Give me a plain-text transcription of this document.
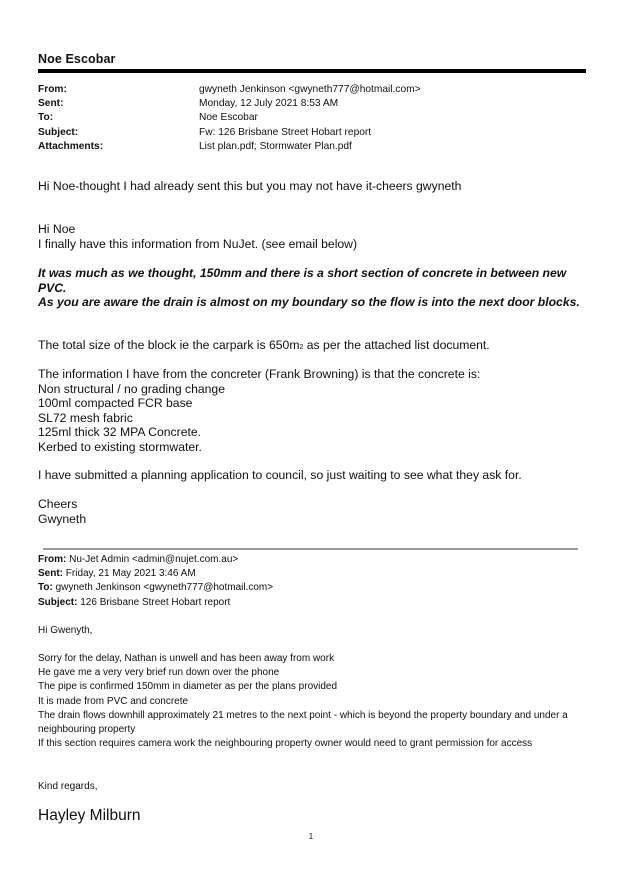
Noe Escobar
From:	gwyneth Jenkinson <gwyneth777@hotmail.com>
Sent:	Monday, 12 July 2021 8:53 AM
To:	Noe Escobar
Subject:	Fw: 126 Brisbane Street Hobart report
Attachments:	List plan.pdf; Stormwater Plan.pdf
Hi Noe-thought I had already sent this but you may not have it-cheers gwyneth
Hi Noe
I finally have this information from NuJet. (see email below)
It was much as we thought, 150mm and there is a short section of concrete in between new PVC.
As you are aware the drain is almost on my boundary so the flow is into the next door blocks.
The total size of the block ie the carpark is 650m2 as per the attached list document.
The information I have from the concreter (Frank Browning) is that the concrete is:
Non structural / no grading change
100ml compacted FCR base
SL72 mesh fabric
125ml thick 32 MPA Concrete.
Kerbed to existing stormwater.
I have submitted a planning application to council, so just waiting to see what they ask for.
Cheers
Gwyneth
From: Nu-Jet Admin <admin@nujet.com.au>
Sent: Friday, 21 May 2021 3:46 AM
To: gwyneth Jenkinson <gwyneth777@hotmail.com>
Subject: 126 Brisbane Street Hobart report
Hi Gwenyth,
Sorry for the delay, Nathan is unwell and has been away from work
He gave me a very very brief run down over the phone
The pipe is confirmed 150mm in diameter as per the plans provided
It is made from PVC and concrete
The drain flows downhill approximately 21 metres to the next point - which is beyond the property boundary and under a neighbouring property
If this section requires camera work the neighbouring property owner would need to grant permission for access
Kind regards,
Hayley Milburn
1
